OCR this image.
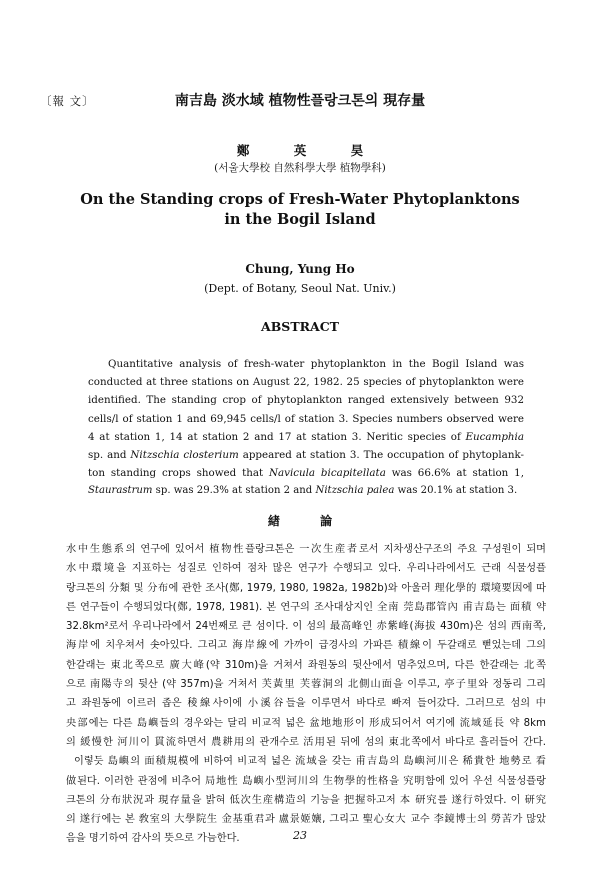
〔報 文〕	南吉島 淡水域 植物性플랑크톤의 現存量
鄭 英 昊
(서울大學校 自然科學大學 植物學科)
On the Standing crops of Fresh-Water Phytoplanktons
in the Bogil Island
Chung, Yung Ho
(Dept. of Botany, Seoul Nat. Univ.)
ABSTRACT
Quantitative analysis of fresh-water phytoplankton in the Bogil Island was
conducted at three stations on August 22, 1982. 25 species of phytoplankton were
identified. The standing crop of phytoplankton ranged extensively between 932
cells/l of station 1 and 69,945 cells/l of station 3. Species numbers observed were
4 at station 1, 14 at station 2 and 17 at station 3. Neritic species of Eucamphia
sp. and Nitzschia closterium appeared at station 3. The occupation of phytoplank-
ton standing crops showed that Navicula bicapitellata was 66.6% at station 1,
Staurastrum sp. was 29.3% at station 2 and Nitzschia palea was 20.1% at station 3.
緖 論
水中生態系의 연구에 있어서 植物性플랑크톤은 一次生産者로서 지차생산구조의 주요 구성원이 되며
水中環境을 지표하는 성질로 인하여 점차 많은 연구가 수행되고 있다. 우리나라에서도 근래 식물성플
랑크톤의 分類 및 分布에 관한 조사(鄭, 1979, 1980, 1982a, 1982b)와 아울러 理化學的 環境要因에 따
른 연구들이 수행되었다(鄭, 1978, 1981). 본 연구의 조사대상지인 全南 莞島郡管內 甫吉島는 面積 약
32.8km²로서 우리나라에서 24번째로 큰 섬이다. 이 섬의 最高峰인 赤紫峰(海拔 430m)은 섬의 西南쪽,
海岸에 치우쳐서 솟아있다. 그리고 海岸線에 가까이 급경사의 가파른 積線이 두갈래로 뻗었는데 그의
한갈래는 東北쪽으로 廣大峰(약 310m)을 거쳐서 좌원동의 뒷산에서 멈추었으며, 다른 한갈래는 北쪽
으로 南陽寺의 뒷산 (약 357m)을 거쳐서 芙黃里 芙蓉洞의 北側山面을 이루고, 亭子里와 정동리 그리
고 좌원동에 이르러 좁은 稜線사이에 小溪谷들을 이루면서 바다로 빠져 들어갔다. 그러므로 섬의 中
央部에는 다른 島嶼들의 경우와는 달리 비교적 넓은 盆地地形이 形成되어서 여기에 流域延長 약 8km
의 緩慢한 河川이 貫流하면서 農耕用의 관개수로 活用된 뒤에 섬의 東北쪽에서 바다로 흘러들어 간다.
이렇듯 島嶼의 面積規模에 비하여 비교적 넓은 流域을 갖는 甫吉島의 島嶼河川은 稀貴한 地勢로 看
做된다. 이러한 관점에 비추어 局地性 島嶼小型河川의 生物學的性格을 究明함에 있어 우선 식물성플랑
크톤의 分布狀況과 現存量을 밝혀 低次生産構造의 기능을 把握하고저 本 研究를 遂行하였다. 이 研究
의 遂行에는 본 敎室의 大學院生 金基重君과 盧景姬孃, 그리고 聖心女大 교수 李鏡博士의 勞苦가 많았
음을 명기하여 감사의 뜻으로 가늠한다.	23
